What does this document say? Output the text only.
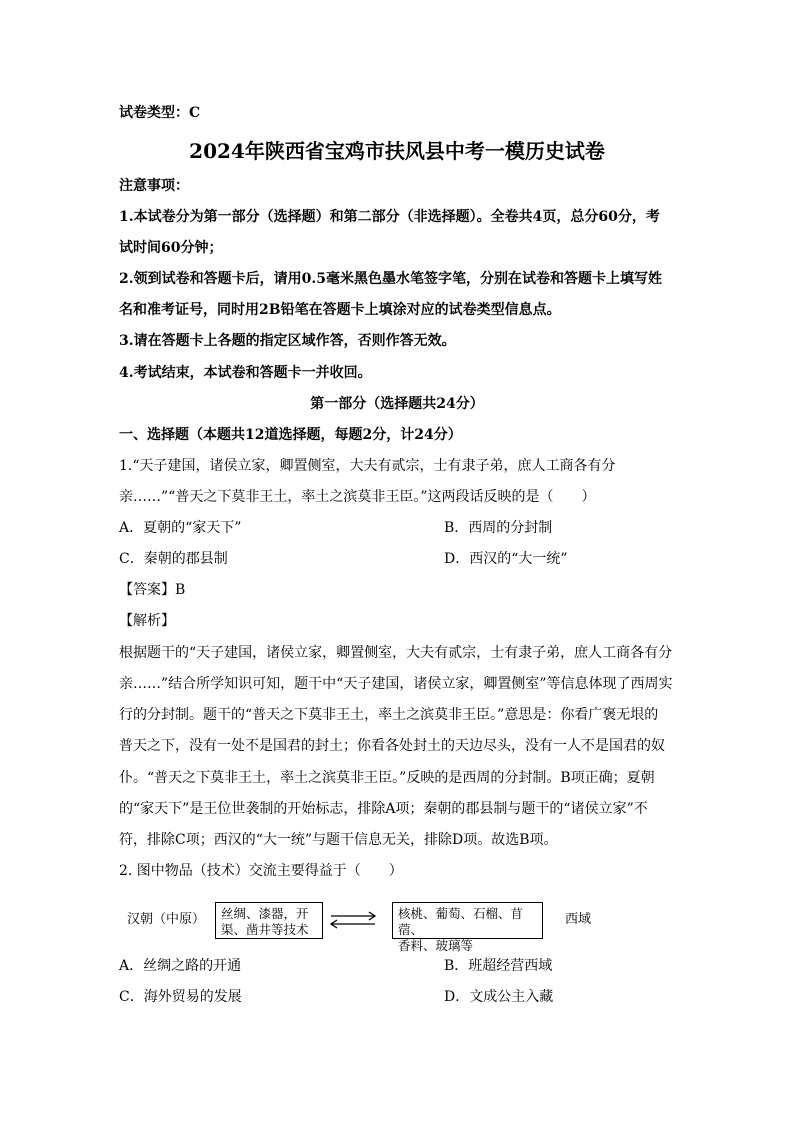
试卷类型：C
2024年陕西省宝鸡市扶风县中考一模历史试卷
注意事项：
1.本试卷分为第一部分（选择题）和第二部分（非选择题）。全卷共4页，总分60分，考
试时间60分钟；
2.领到试卷和答题卡后，请用0.5毫米黑色墨水笔签字笔，分别在试卷和答题卡上填写姓
名和准考证号，同时用2B铅笔在答题卡上填涂对应的试卷类型信息点。
3.请在答题卡上各题的指定区域作答，否则作答无效。
4.考试结束，本试卷和答题卡一并收回。
第一部分（选择题共24分）
一、选择题（本题共12道选择题，每题2分，计24分）
1.“天子建国，诸侯立家，卿置侧室，大夫有贰宗，士有隶子弟，庶人工商各有分
亲……”“普天之下莫非王土，率土之滨莫非王臣。”这两段话反映的是（　　）
A．夏朝的“家天下”	B．西周的分封制
C．秦朝的郡县制	D．西汉的“大一统”
【答案】B
【解析】
根据题干的“天子建国，诸侯立家，卿置侧室，大夫有贰宗，士有隶子弟，庶人工商各有分
亲……”结合所学知识可知，题干中“天子建国，诸侯立家，卿置侧室”等信息体现了西周实
行的分封制。题干的“普天之下莫非王土，率土之滨莫非王臣。”意思是：你看广褒无垠的
普天之下，没有一处不是国君的封土；你看各处封土的天边尽头，没有一人不是国君的奴
仆。“普天之下莫非王土，率土之滨莫非王臣。”反映的是西周的分封制。B项正确；夏朝
的“家天下”是王位世袭制的开始标志，排除A项；秦朝的郡县制与题干的“诸侯立家”不
符，排除C项；西汉的“大一统”与题干信息无关，排除D项。故选B项。
2. 图中物品（技术）交流主要得益于（　　）
汉朝（中原） 丝绸、漆器，开
渠、凿井等技术
核桃、葡萄、石榴、苜蓿、
香料、玻璃等
西域
A．丝绸之路的开通	B．班超经营西域
C．海外贸易的发展	D．文成公主入藏
